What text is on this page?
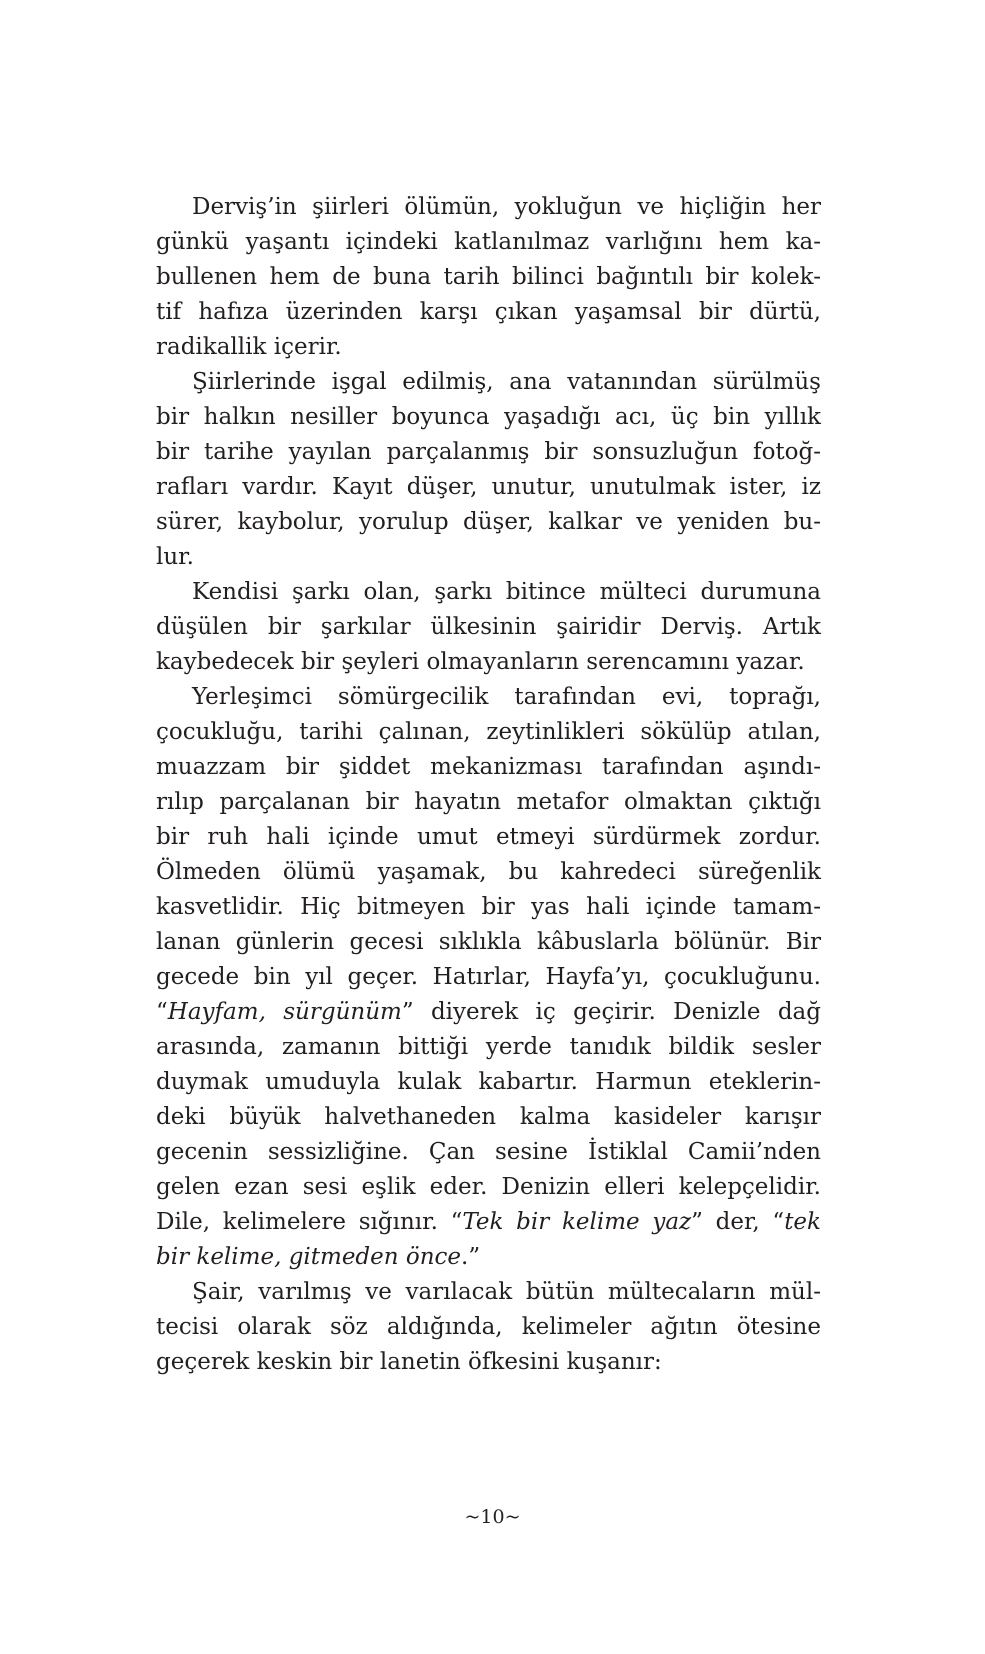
Derviş’in şiirleri ölümün, yokluğun ve hiçliğin her
günkü yaşantı içindeki katlanılmaz varlığını hem ka-
bullenen hem de buna tarih bilinci bağıntılı bir kolek-
tif hafıza üzerinden karşı çıkan yaşamsal bir dürtü,
radikallik içerir.
Şiirlerinde işgal edilmiş, ana vatanından sürülmüş
bir halkın nesiller boyunca yaşadığı acı, üç bin yıllık
bir tarihe yayılan parçalanmış bir sonsuzluğun fotoğ-
rafları vardır. Kayıt düşer, unutur, unutulmak ister, iz
sürer, kaybolur, yorulup düşer, kalkar ve yeniden bu-
lur.
Kendisi şarkı olan, şarkı bitince mülteci durumuna
düşülen bir şarkılar ülkesinin şairidir Derviş. Artık
kaybedecek bir şeyleri olmayanların serencamını yazar.
Yerleşimci sömürgecilik tarafından evi, toprağı,
çocukluğu, tarihi çalınan, zeytinlikleri sökülüp atılan,
muazzam bir şiddet mekanizması tarafından aşındı-
rılıp parçalanan bir hayatın metafor olmaktan çıktığı
bir ruh hali içinde umut etmeyi sürdürmek zordur.
Ölmeden ölümü yaşamak, bu kahredeci süreğenlik
kasvetlidir. Hiç bitmeyen bir yas hali içinde tamam-
lanan günlerin gecesi sıklıkla kâbuslarla bölünür. Bir
gecede bin yıl geçer. Hatırlar, Hayfa’yı, çocukluğunu.
“Hayfam, sürgünüm” diyerek iç geçirir. Denizle dağ
arasında, zamanın bittiği yerde tanıdık bildik sesler
duymak umuduyla kulak kabartır. Harmun eteklerin-
deki büyük halvethaneden kalma kasideler karışır
gecenin sessizliğine. Çan sesine İstiklal Camii’nden
gelen ezan sesi eşlik eder. Denizin elleri kelepçelidir.
Dile, kelimelere sığınır. “Tek bir kelime yaz” der, “tek
bir kelime, gitmeden önce.”
Şair, varılmış ve varılacak bütün mültecaların mül-
tecisi olarak söz aldığında, kelimeler ağıtın ötesine
geçerek keskin bir lanetin öfkesini kuşanır:
~10~
